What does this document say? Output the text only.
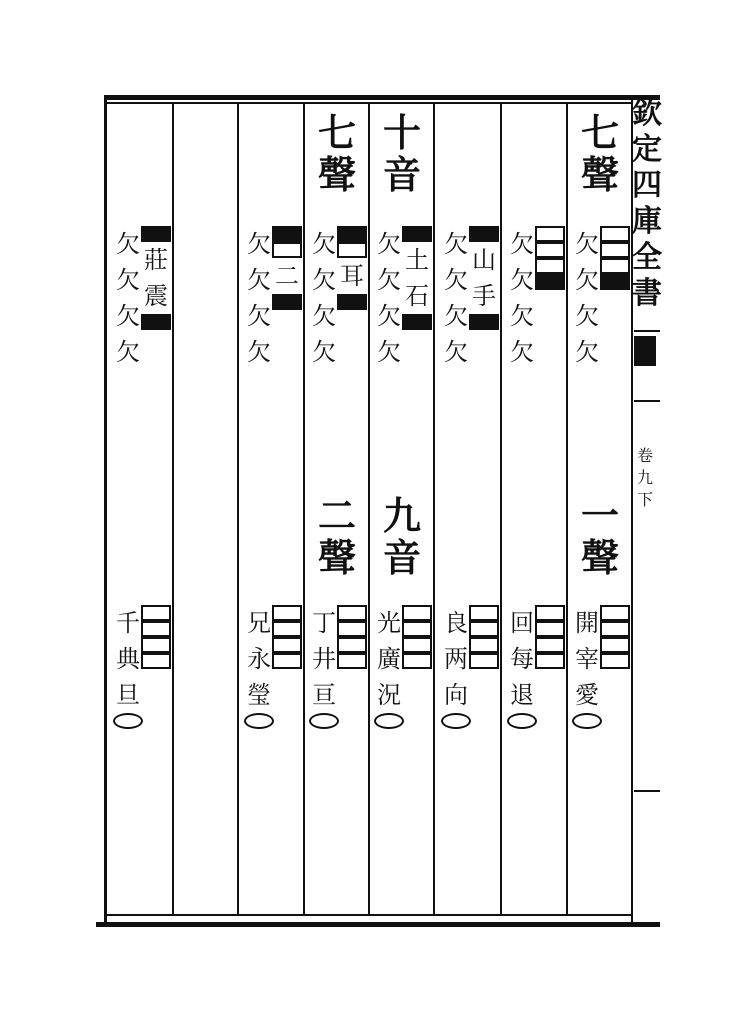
欽
定
四
庫
全
書
卷
九
下
七
聲
一
聲
欠
欠
欠
欠
開
宰
愛
欠
欠
欠
欠
回
每
退
欠
欠
欠
欠
山
手
良
两
向
十
音
九
音
欠
欠
欠
欠
土
石
光
廣
況
七
聲
二
聲
欠
欠
欠
欠
耳
丁
井
亘
欠
欠
欠
欠
二
兄
永
瑩
欠
欠
欠
欠
莊
震
千
典
旦
